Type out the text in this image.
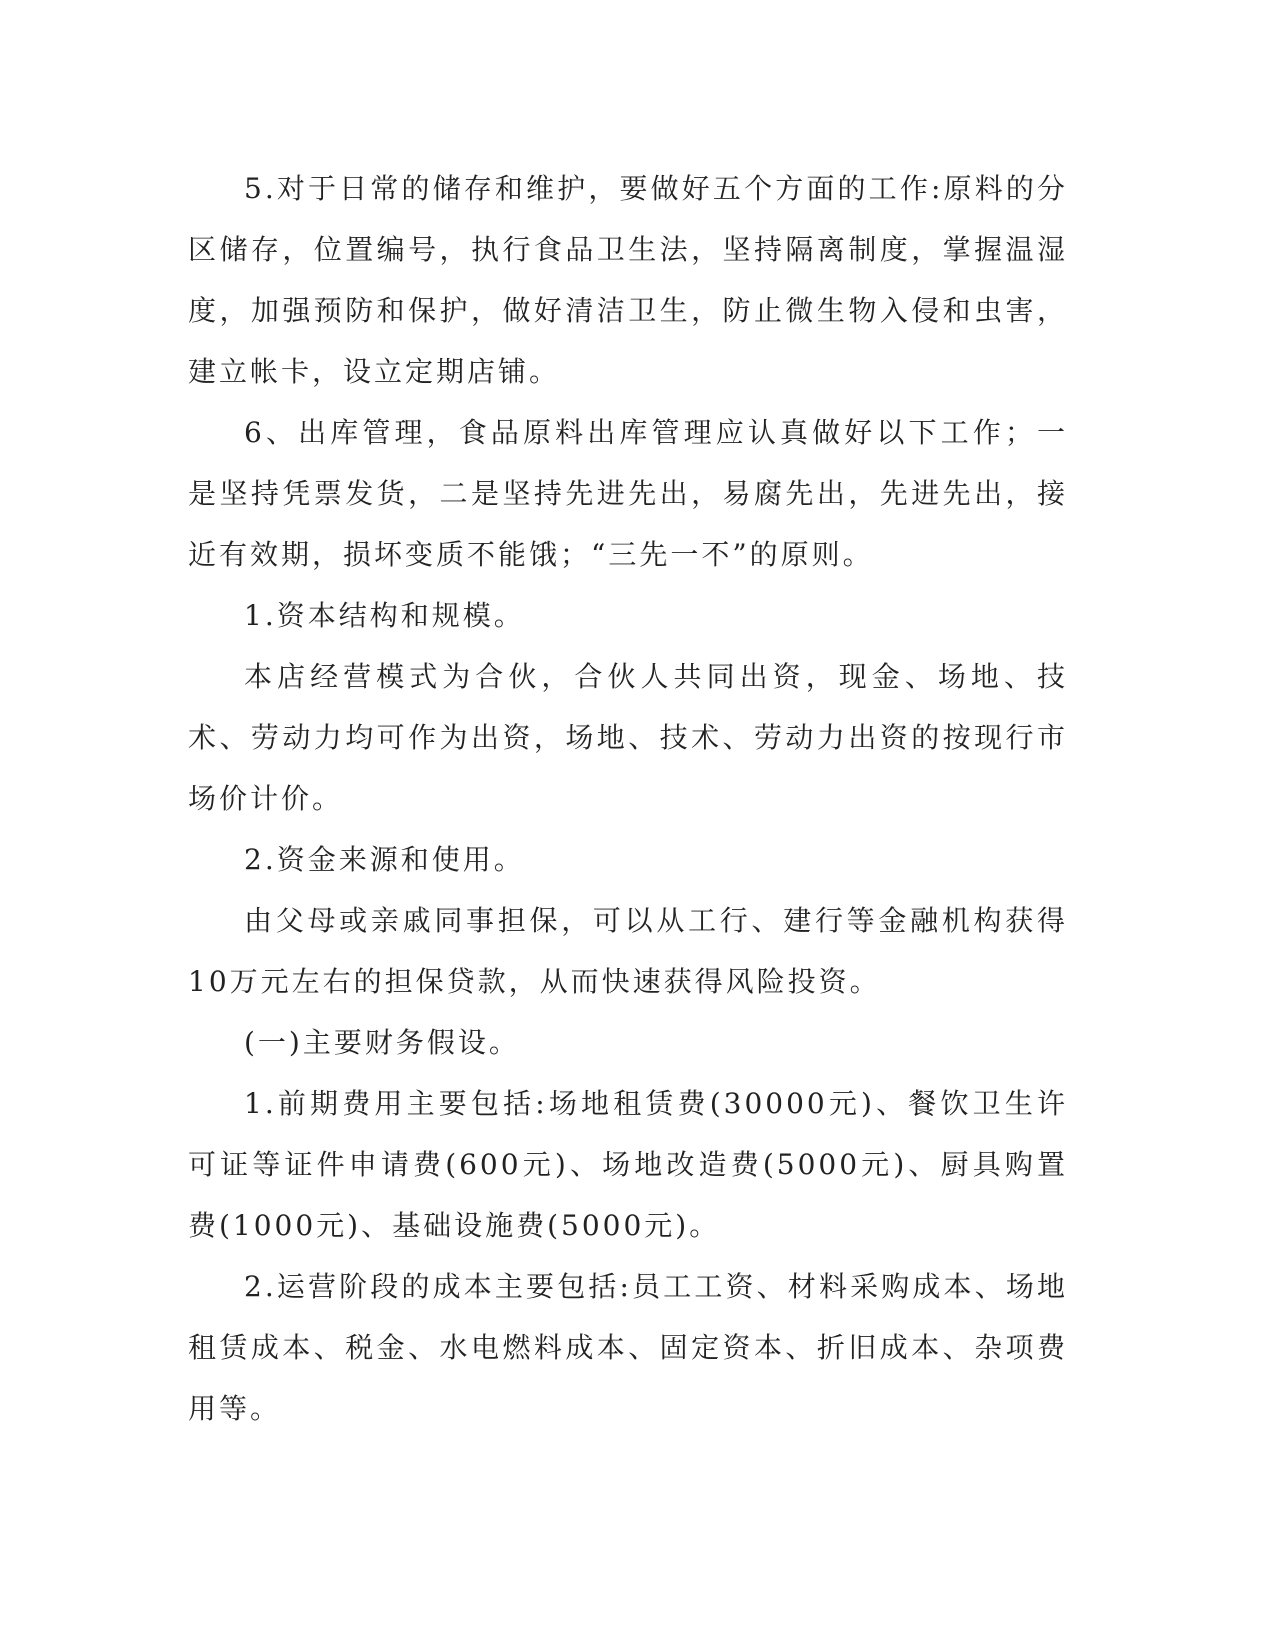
5.对于日常的储存和维护，要做好五个方面的工作:原料的分区储存，位置编号，执行食品卫生法，坚持隔离制度，掌握温湿度，加强预防和保护，做好清洁卫生，防止微生物入侵和虫害，建立帐卡，设立定期店铺。

6、出库管理，食品原料出库管理应认真做好以下工作；一是坚持凭票发货，二是坚持先进先出，易腐先出，先进先出，接近有效期，损坏变质不能饿；“三先一不”的原则。

1.资本结构和规模。

本店经营模式为合伙，合伙人共同出资，现金、场地、技术、劳动力均可作为出资，场地、技术、劳动力出资的按现行市场价计价。

2.资金来源和使用。

由父母或亲戚同事担保，可以从工行、建行等金融机构获得10万元左右的担保贷款，从而快速获得风险投资。

(一)主要财务假设。

1.前期费用主要包括:场地租赁费(30000元)、餐饮卫生许可证等证件申请费(600元)、场地改造费(5000元)、厨具购置费(1000元)、基础设施费(5000元)。

2.运营阶段的成本主要包括:员工工资、材料采购成本、场地租赁成本、税金、水电燃料成本、固定资本、折旧成本、杂项费用等。
